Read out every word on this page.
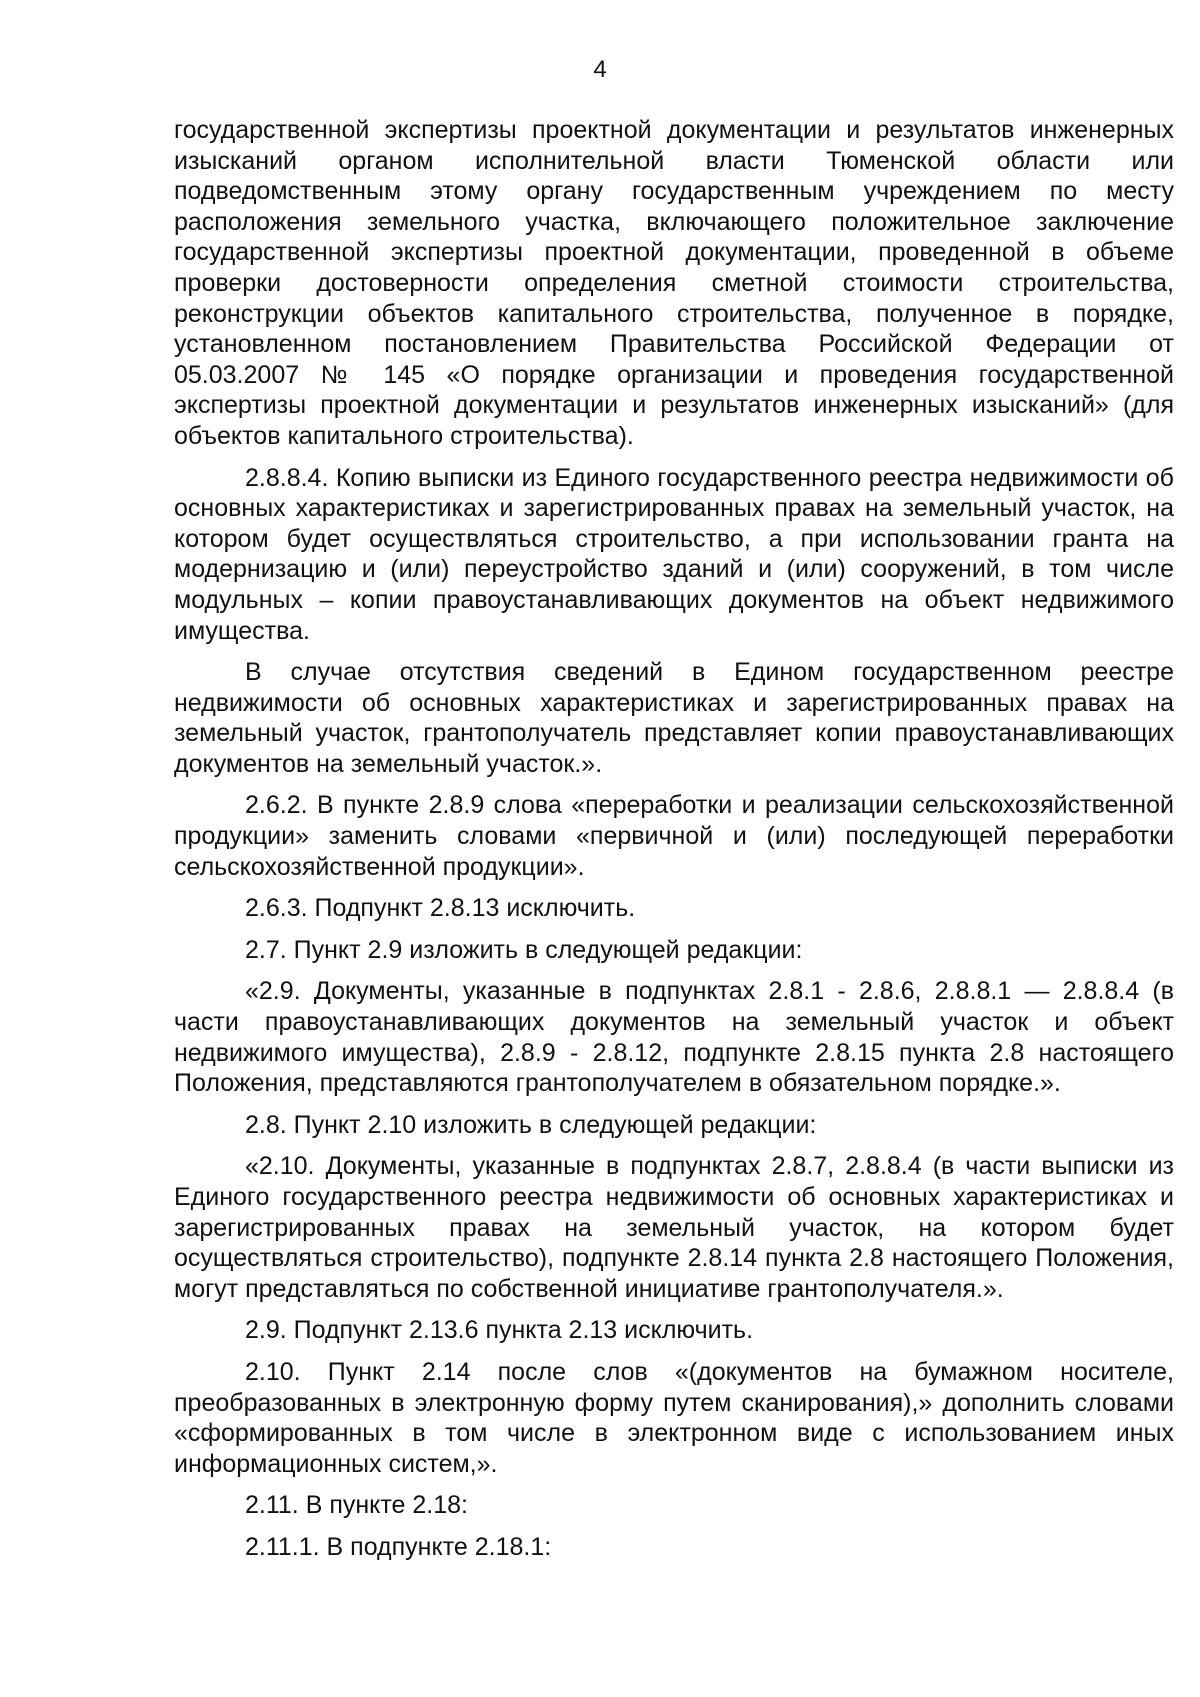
4

государственной экспертизы проектной документации и результатов инженерных изысканий органом исполнительной власти Тюменской области или подведомственным этому органу государственным учреждением по месту расположения земельного участка, включающего положительное заключение государственной экспертизы проектной документации, проведенной в объеме проверки достоверности определения сметной стоимости строительства, реконструкции объектов капитального строительства, полученное в порядке, установленном постановлением Правительства Российской Федерации от 05.03.2007 № 145 «О порядке организации и проведения государственной экспертизы проектной документации и результатов инженерных изысканий» (для объектов капитального строительства).

2.8.8.4. Копию выписки из Единого государственного реестра недвижимости об основных характеристиках и зарегистрированных правах на земельный участок, на котором будет осуществляться строительство, а при использовании гранта на модернизацию и (или) переустройство зданий и (или) сооружений, в том числе модульных – копии правоустанавливающих документов на объект недвижимого имущества.

В случае отсутствия сведений в Едином государственном реестре недвижимости об основных характеристиках и зарегистрированных правах на земельный участок, грантополучатель представляет копии правоустанавливающих документов на земельный участок.».

2.6.2. В пункте 2.8.9 слова «переработки и реализации сельскохозяйственной продукции» заменить словами «первичной и (или) последующей переработки сельскохозяйственной продукции».

2.6.3. Подпункт 2.8.13 исключить.

2.7. Пункт 2.9 изложить в следующей редакции:

«2.9. Документы, указанные в подпунктах 2.8.1 - 2.8.6, 2.8.8.1 — 2.8.8.4 (в части правоустанавливающих документов на земельный участок и объект недвижимого имущества), 2.8.9 - 2.8.12, подпункте 2.8.15 пункта 2.8 настоящего Положения, представляются грантополучателем в обязательном порядке.».

2.8. Пункт 2.10 изложить в следующей редакции:

«2.10. Документы, указанные в подпунктах 2.8.7, 2.8.8.4 (в части выписки из Единого государственного реестра недвижимости об основных характеристиках и зарегистрированных правах на земельный участок, на котором будет осуществляться строительство), подпункте 2.8.14 пункта 2.8 настоящего Положения, могут представляться по собственной инициативе грантополучателя.».

2.9. Подпункт 2.13.6 пункта 2.13 исключить.

2.10. Пункт 2.14 после слов «(документов на бумажном носителе, преобразованных в электронную форму путем сканирования),» дополнить словами «сформированных в том числе в электронном виде с использованием иных информационных систем,».

2.11. В пункте 2.18:

2.11.1. В подпункте 2.18.1:
